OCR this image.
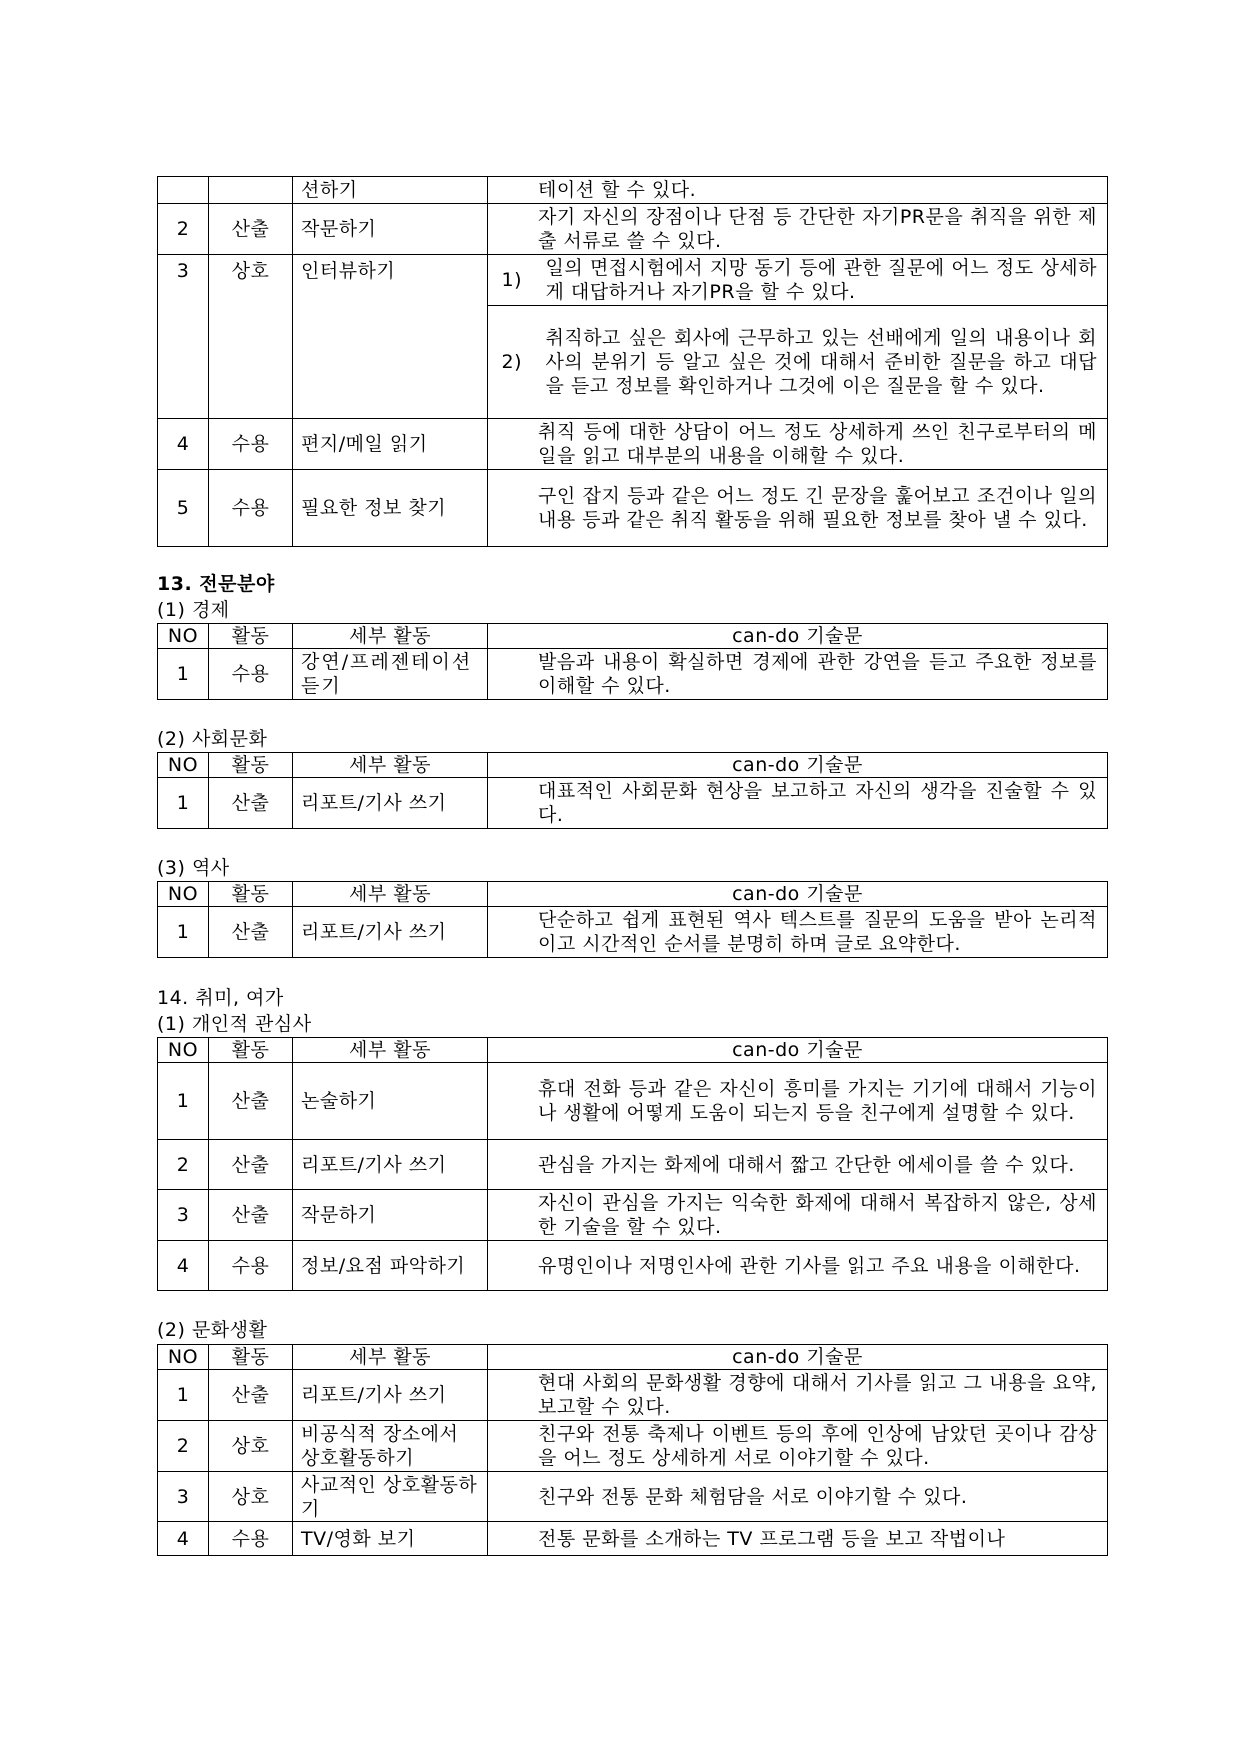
		션하기	테이션 할 수 있다.	
2	산출	작문하기	자기 자신의 장점이나 단점 등 간단한 자기PR문을 취직을 위한 제출 서류로 쓸 수 있다.	
3	상호	인터뷰하기	1)	일의 면접시험에서 지망 동기 등에 관한 질문에 어느 정도 상세하게 대답하거나 자기PR을 할 수 있다.
			2)	취직하고 싶은 회사에 근무하고 있는 선배에게 일의 내용이나 회사의 분위기 등 알고 싶은 것에 대해서 준비한 질문을 하고 대답을 듣고 정보를 확인하거나 그것에 이은 질문을 할 수 있다.
4	수용	편지/메일 읽기	취직 등에 대한 상담이 어느 정도 상세하게 쓰인 친구로부터의 메일을 읽고 대부분의 내용을 이해할 수 있다.	
5	수용	필요한 정보 찾기	구인 잡지 등과 같은 어느 정도 긴 문장을 훑어보고 조건이나 일의 내용 등과 같은 취직 활동을 위해 필요한 정보를 찾아 낼 수 있다.	
13. 전문분야
(1) 경제
NO	활동	세부 활동	can-do 기술문
1	수용	강연/프레젠테이션듣기	발음과 내용이 확실하면 경제에 관한 강연을 듣고 주요한 정보를 이해할 수 있다.
(2) 사회문화
NO	활동	세부 활동	can-do 기술문
1	산출	리포트/기사 쓰기	대표적인 사회문화 현상을 보고하고 자신의 생각을 진술할 수 있다.
(3) 역사
NO	활동	세부 활동	can-do 기술문
1	산출	리포트/기사 쓰기	단순하고 쉽게 표현된 역사 텍스트를 질문의 도움을 받아 논리적이고 시간적인 순서를 분명히 하며 글로 요약한다.
14. 취미, 여가
(1) 개인적 관심사
NO	활동	세부 활동	can-do 기술문
1	산출	논술하기	휴대 전화 등과 같은 자신이 흥미를 가지는 기기에 대해서 기능이나 생활에 어떻게 도움이 되는지 등을 친구에게 설명할 수 있다.
2	산출	리포트/기사 쓰기	관심을 가지는 화제에 대해서 짧고 간단한 에세이를 쓸 수 있다.
3	산출	작문하기	자신이 관심을 가지는 익숙한 화제에 대해서 복잡하지 않은, 상세한 기술을 할 수 있다.
4	수용	정보/요점 파악하기	유명인이나 저명인사에 관한 기사를 읽고 주요 내용을 이해한다.
(2) 문화생활
NO	활동	세부 활동	can-do 기술문
1	산출	리포트/기사 쓰기	현대 사회의 문화생활 경향에 대해서 기사를 읽고 그 내용을 요약, 보고할 수 있다.
2	상호	비공식적 장소에서 상호활동하기	친구와 전통 축제나 이벤트 등의 후에 인상에 남았던 곳이나 감상을 어느 정도 상세하게 서로 이야기할 수 있다.
3	상호	사교적인 상호활동하기	친구와 전통 문화 체험담을 서로 이야기할 수 있다.
4	수용	TV/영화 보기	전통 문화를 소개하는 TV 프로그램 등을 보고 작법이나
